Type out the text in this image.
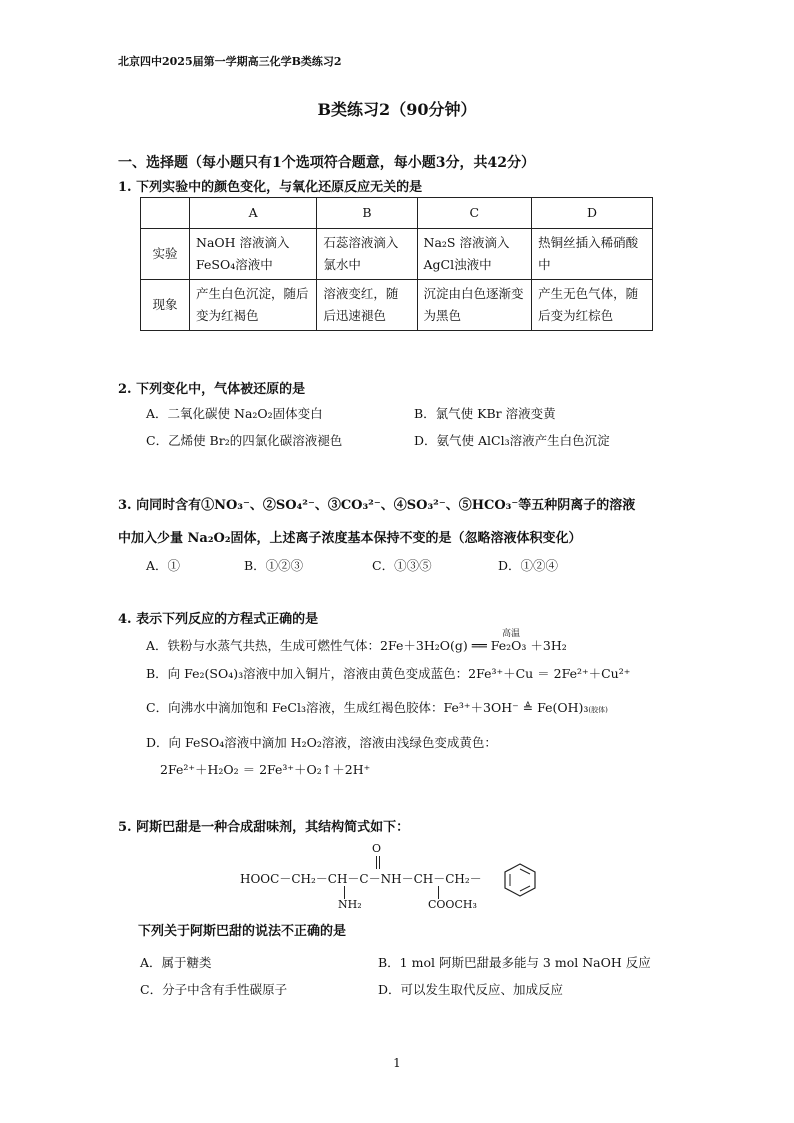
北京四中2025届第一学期高三化学B类练习2
B类练习2（90分钟）
一、选择题（每小题只有1个选项符合题意，每小题3分，共42分）
1. 下列实验中的颜色变化，与氧化还原反应无关的是
	A	B	C	D
实验	NaOH 溶液滴入 FeSO₄溶液中	石蕊溶液滴入氯水中	Na₂S 溶液滴入 AgCl浊液中	热铜丝插入稀硝酸中
现象	产生白色沉淀，随后变为红褐色	溶液变红，随后迅速褪色	沉淀由白色逐渐变为黑色	产生无色气体，随后变为红棕色
2. 下列变化中，气体被还原的是
A．二氧化碳使 Na₂O₂固体变白	B．氯气使 KBr 溶液变黄
C．乙烯使 Br₂的四氯化碳溶液褪色	D．氨气使 AlCl₃溶液产生白色沉淀
3. 向同时含有①NO₃⁻、②SO₄²⁻、③CO₃²⁻、④SO₃²⁻、⑤HCO₃⁻等五种阴离子的溶液
中加入少量 Na₂O₂固体，上述离子浓度基本保持不变的是（忽略溶液体积变化）
A．①	B．①②③	C．①③⑤	D．①②④
4. 表示下列反应的方程式正确的是
高温
A．铁粉与水蒸气共热，生成可燃性气体：2Fe＋3H₂O(g) ══ Fe₂O₃ ＋3H₂
B．向 Fe₂(SO₄)₃溶液中加入铜片，溶液由黄色变成蓝色：2Fe³⁺＋Cu ＝ 2Fe²⁺＋Cu²⁺
C．向沸水中滴加饱和 FeCl₃溶液，生成红褐色胶体：Fe³⁺＋3OH⁻ ≜ Fe(OH)₃(胶体)
D．向 FeSO₄溶液中滴加 H₂O₂溶液，溶液由浅绿色变成黄色：
2Fe²⁺＋H₂O₂ ＝ 2Fe³⁺＋O₂↑＋2H⁺
5. 阿斯巴甜是一种合成甜味剂，其结构简式如下：
O
HOOC－CH₂－CH－C－NH－CH－CH₂－
NH₂	COOCH₃
下列关于阿斯巴甜的说法不正确的是
A．属于糖类	B．1 mol 阿斯巴甜最多能与 3 mol NaOH 反应
C．分子中含有手性碳原子	D．可以发生取代反应、加成反应
1
